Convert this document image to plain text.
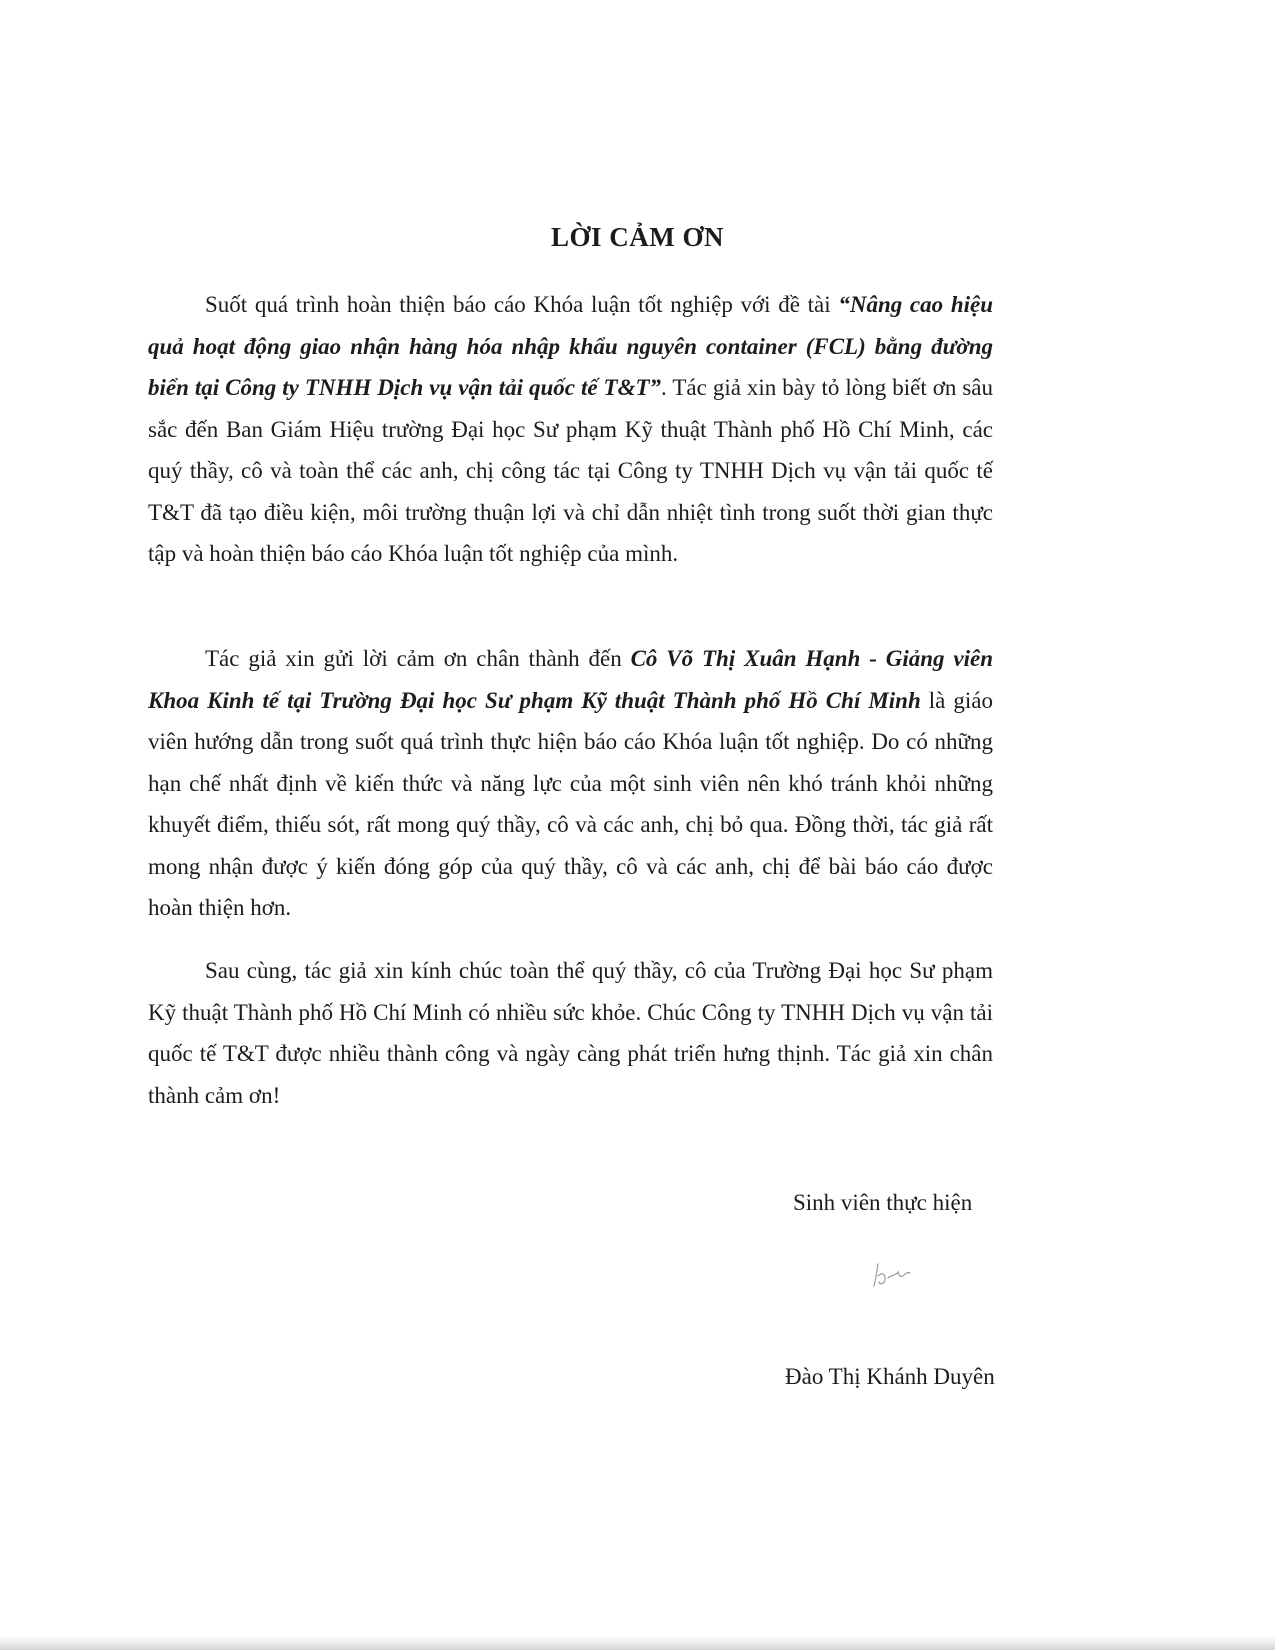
LỜI CẢM ƠN

Suốt quá trình hoàn thiện báo cáo Khóa luận tốt nghiệp với đề tài “Nâng cao hiệu quả hoạt động giao nhận hàng hóa nhập khẩu nguyên container (FCL) bằng đường biển tại Công ty TNHH Dịch vụ vận tải quốc tế T&T”. Tác giả xin bày tỏ lòng biết ơn sâu sắc đến Ban Giám Hiệu trường Đại học Sư phạm Kỹ thuật Thành phố Hồ Chí Minh, các quý thầy, cô và toàn thể các anh, chị công tác tại Công ty TNHH Dịch vụ vận tải quốc tế T&T đã tạo điều kiện, môi trường thuận lợi và chỉ dẫn nhiệt tình trong suốt thời gian thực tập và hoàn thiện báo cáo Khóa luận tốt nghiệp của mình.

Tác giả xin gửi lời cảm ơn chân thành đến Cô Võ Thị Xuân Hạnh - Giảng viên Khoa Kinh tế tại Trường Đại học Sư phạm Kỹ thuật Thành phố Hồ Chí Minh là giáo viên hướng dẫn trong suốt quá trình thực hiện báo cáo Khóa luận tốt nghiệp. Do có những hạn chế nhất định về kiến thức và năng lực của một sinh viên nên khó tránh khỏi những khuyết điểm, thiếu sót, rất mong quý thầy, cô và các anh, chị bỏ qua. Đồng thời, tác giả rất mong nhận được ý kiến đóng góp của quý thầy, cô và các anh, chị để bài báo cáo được hoàn thiện hơn.

Sau cùng, tác giả xin kính chúc toàn thể quý thầy, cô của Trường Đại học Sư phạm Kỹ thuật Thành phố Hồ Chí Minh có nhiều sức khỏe. Chúc Công ty TNHH Dịch vụ vận tải quốc tế T&T được nhiều thành công và ngày càng phát triển hưng thịnh. Tác giả xin chân thành cảm ơn!

Sinh viên thực hiện
Đào Thị Khánh Duyên
